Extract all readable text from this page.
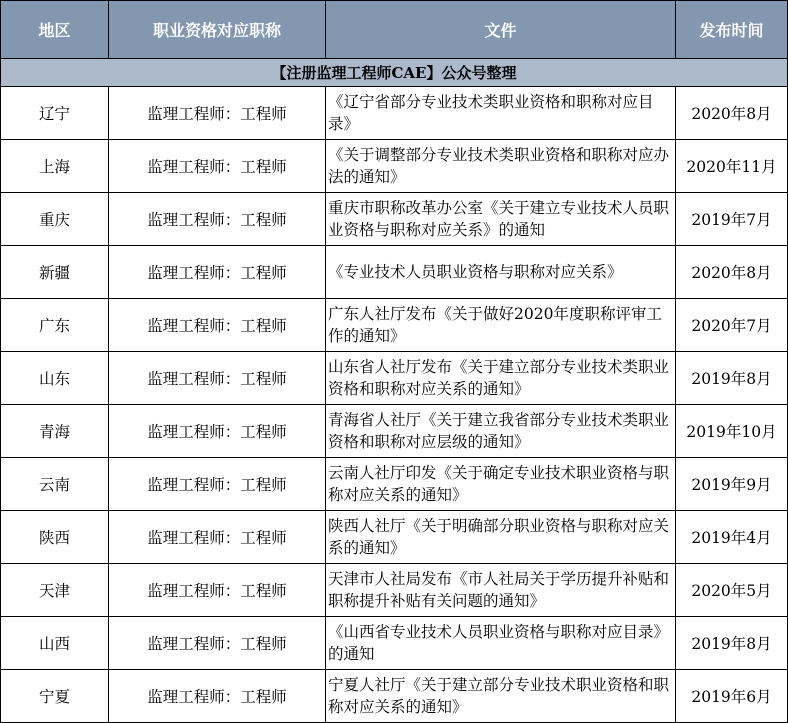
地区	职业资格对应职称	文件	发布时间
【注册监理工程师CAE】公众号整理			
辽宁	监理工程师：工程师	《辽宁省部分专业技术类职业资格和职称对应目录》	2020年8月
上海	监理工程师：工程师	《关于调整部分专业技术类职业资格和职称对应办法的通知》	2020年11月
重庆	监理工程师：工程师	重庆市职称改革办公室《关于建立专业技术人员职业资格与职称对应关系》的通知	2019年7月
新疆	监理工程师：工程师	《专业技术人员职业资格与职称对应关系》	2020年8月
广东	监理工程师：工程师	广东人社厅发布《关于做好2020年度职称评审工作的通知》	2020年7月
山东	监理工程师：工程师	山东省人社厅发布《关于建立部分专业技术类职业资格和职称对应关系的通知》	2019年8月
青海	监理工程师：工程师	青海省人社厅《关于建立我省部分专业技术类职业资格和职称对应层级的通知》	2019年10月
云南	监理工程师：工程师	云南人社厅印发《关于确定专业技术职业资格与职称对应关系的通知》	2019年9月
陕西	监理工程师：工程师	陕西人社厅《关于明确部分职业资格与职称对应关系的通知》	2019年4月
天津	监理工程师：工程师	天津市人社局发布《市人社局关于学历提升补贴和职称提升补贴有关问题的通知》	2020年5月
山西	监理工程师：工程师	《山西省专业技术人员职业资格与职称对应目录》的通知	2019年8月
宁夏	监理工程师：工程师	宁夏人社厅《关于建立部分专业技术职业资格和职称对应关系的通知》	2019年6月
